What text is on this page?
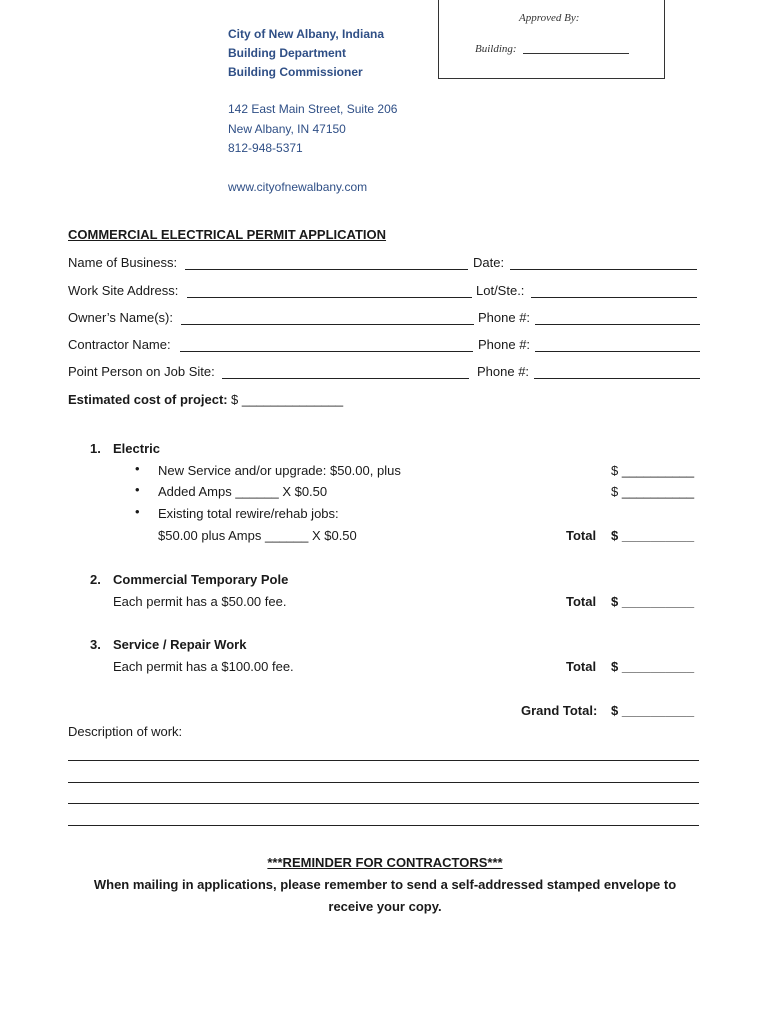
Approved By:
Building:
City of New Albany, Indiana
Building Department
Building Commissioner
142 East Main Street, Suite 206
New Albany, IN 47150
812-948-5371
www.cityofnewalbany.com
COMMERCIAL ELECTRICAL PERMIT APPLICATION
Name of Business:	Date:
Work Site Address:	Lot/Ste.:
Owner’s Name(s):	Phone #:
Contractor Name:	Phone #:
Point Person on Job Site:	Phone #:
Estimated cost of project: $ ______________
1. Electric
• New Service and/or upgrade: $50.00, plus	$ __________
• Added Amps ______ X $0.50	$ __________
• Existing total rewire/rehab jobs:
$50.00 plus Amps ______ X $0.50	Total $ __________
2. Commercial Temporary Pole
Each permit has a $50.00 fee.	Total $ __________
3. Service / Repair Work
Each permit has a $100.00 fee.	Total $ __________
Grand Total: $ __________
Description of work:
***REMINDER FOR CONTRACTORS***
When mailing in applications, please remember to send a self-addressed stamped envelope to
receive your copy.
